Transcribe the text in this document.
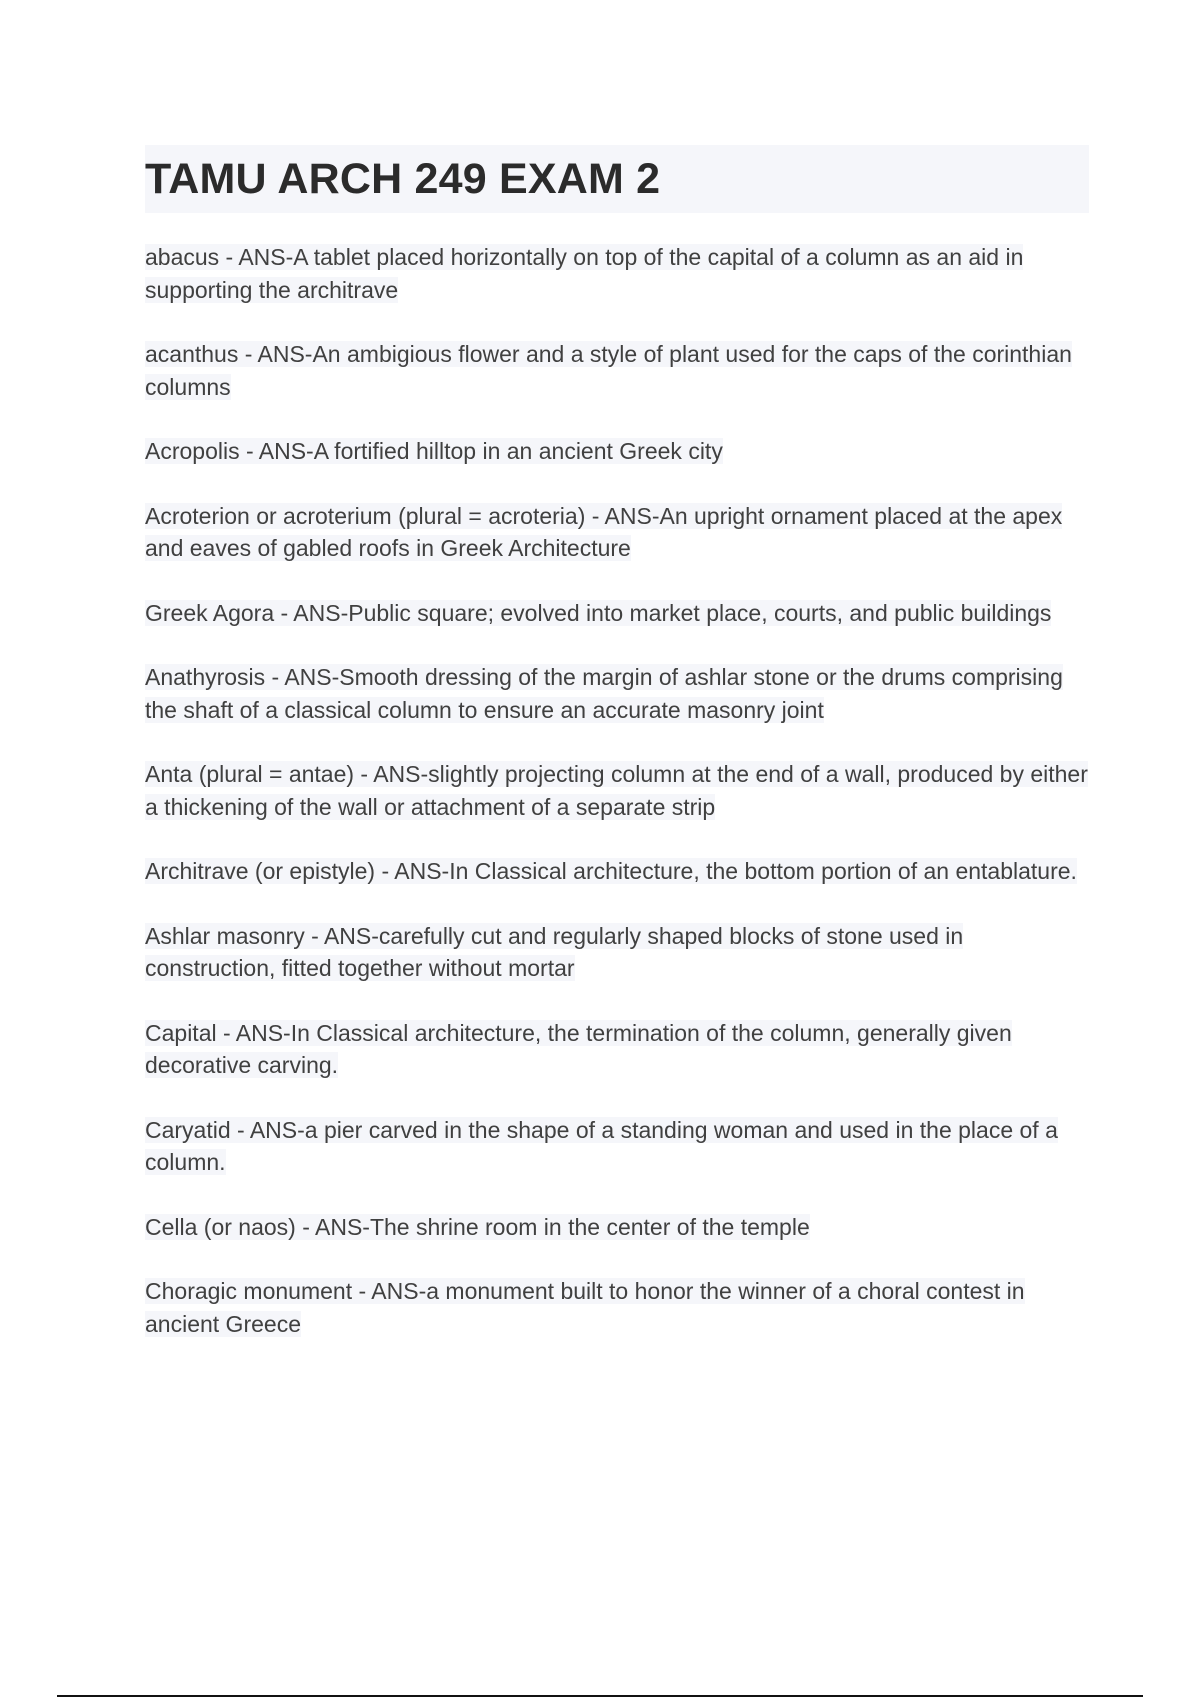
TAMU ARCH 249 EXAM 2
abacus - ANS-A tablet placed horizontally on top of the capital of a column as an aid in supporting the architrave
acanthus - ANS-An ambigious flower and a style of plant used for the caps of the corinthian columns
Acropolis - ANS-A fortified hilltop in an ancient Greek city
Acroterion or acroterium (plural = acroteria) - ANS-An upright ornament placed at the apex and eaves of gabled roofs in Greek Architecture
Greek Agora - ANS-Public square; evolved into market place, courts, and public buildings
Anathyrosis - ANS-Smooth dressing of the margin of ashlar stone or the drums comprising the shaft of a classical column to ensure an accurate masonry joint
Anta (plural = antae) - ANS-slightly projecting column at the end of a wall, produced by either a thickening of the wall or attachment of a separate strip
Architrave (or epistyle) - ANS-In Classical architecture, the bottom portion of an entablature.
Ashlar masonry - ANS-carefully cut and regularly shaped blocks of stone used in construction, fitted together without mortar
Capital - ANS-In Classical architecture, the termination of the column, generally given decorative carving.
Caryatid - ANS-a pier carved in the shape of a standing woman and used in the place of a column.
Cella (or naos) - ANS-The shrine room in the center of the temple
Choragic monument - ANS-a monument built to honor the winner of a choral contest in ancient Greece
